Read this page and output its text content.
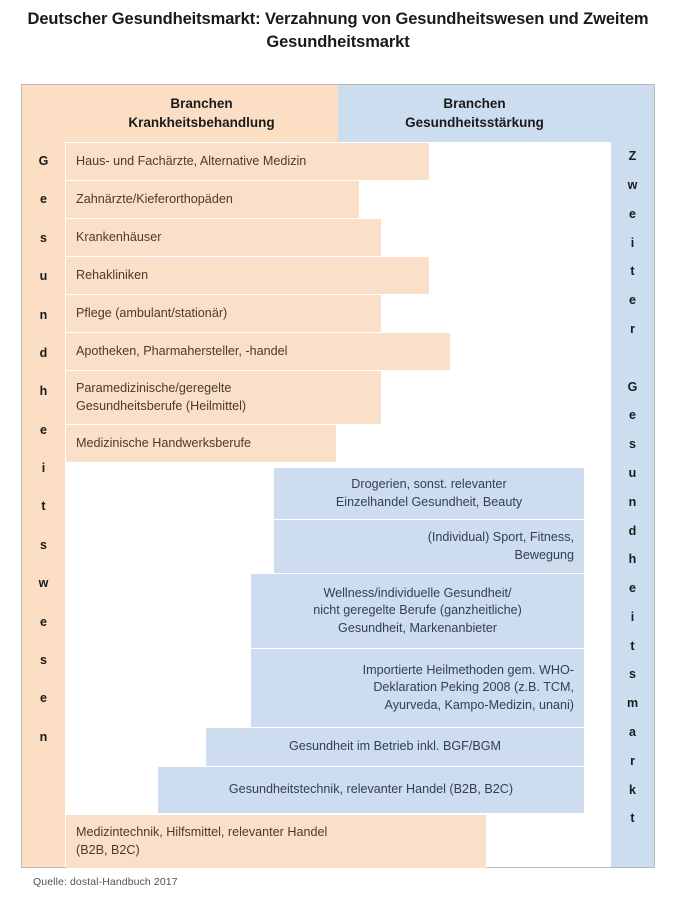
Deutscher Gesundheitsmarkt: Verzahnung von Gesundheitswesen und Zweitem Gesundheitsmarkt
G
e
s
u
n
d
h
e
i
t
s
w
e
s
e
n
Z
w
e
i
t
e
r
G
e
s
u
n
d
h
e
i
t
s
m
a
r
k
t
Branchen
Krankheitsbehandlung
Branchen
Gesundheitsstärkung
Haus- und Fachärzte, Alternative Medizin
Zahnärzte/Kieferorthopäden
Krankenhäuser
Rehakliniken
Pflege (ambulant/stationär)
Apotheken, Pharmahersteller, -handel
Paramedizinische/geregelte
Gesundheitsberufe (Heilmittel)
Medizinische Handwerksberufe
Drogerien, sonst. relevanter
Einzelhandel Gesundheit, Beauty
(Individual) Sport, Fitness,
Bewegung
Wellness/individuelle Gesundheit/
nicht geregelte Berufe (ganzheitliche)
Gesundheit, Markenanbieter
Importierte Heilmethoden gem. WHO-
Deklaration Peking 2008 (z.B. TCM,
Ayurveda, Kampo-Medizin, unani)
Gesundheit im Betrieb inkl. BGF/BGM
Gesundheitstechnik, relevanter Handel (B2B, B2C)
Medizintechnik, Hilfsmittel, relevanter Handel
(B2B, B2C)
Quelle: dostal-Handbuch 2017
